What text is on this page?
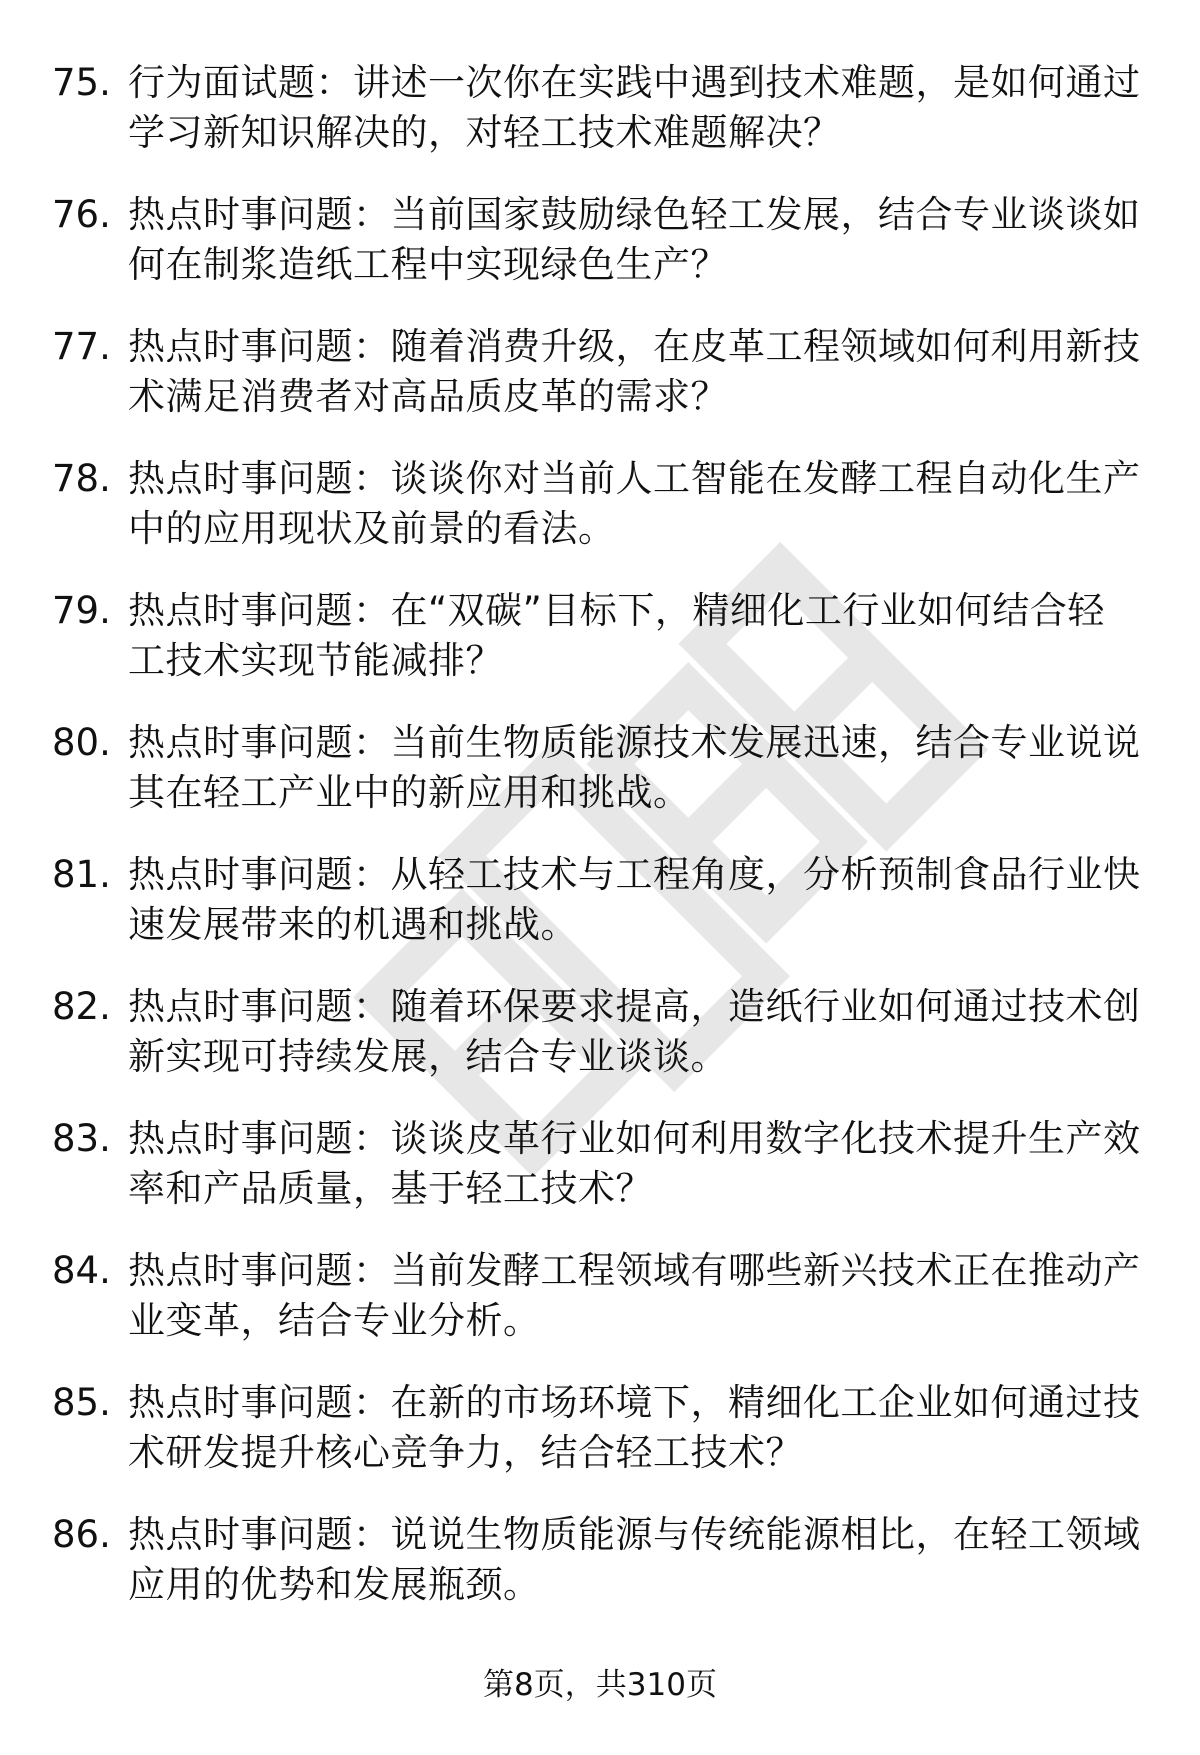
75. 行为面试题：讲述一次你在实践中遇到技术难题，是如何通过学习新知识解决的，对轻工技术难题解决？
76. 热点时事问题：当前国家鼓励绿色轻工发展，结合专业谈谈如何在制浆造纸工程中实现绿色生产？
77. 热点时事问题：随着消费升级，在皮革工程领域如何利用新技术满足消费者对高品质皮革的需求？
78. 热点时事问题：谈谈你对当前人工智能在发酵工程自动化生产中的应用现状及前景的看法。
79. 热点时事问题：在“双碳”目标下，精细化工行业如何结合轻工技术实现节能减排？
80. 热点时事问题：当前生物质能源技术发展迅速，结合专业说说其在轻工产业中的新应用和挑战。
81. 热点时事问题：从轻工技术与工程角度，分析预制食品行业快速发展带来的机遇和挑战。
82. 热点时事问题：随着环保要求提高，造纸行业如何通过技术创新实现可持续发展，结合专业谈谈。
83. 热点时事问题：谈谈皮革行业如何利用数字化技术提升生产效率和产品质量，基于轻工技术？
84. 热点时事问题：当前发酵工程领域有哪些新兴技术正在推动产业变革，结合专业分析。
85. 热点时事问题：在新的市场环境下，精细化工企业如何通过技术研发提升核心竞争力，结合轻工技术？
86. 热点时事问题：说说生物质能源与传统能源相比，在轻工领域应用的优势和发展瓶颈。
第8页，共310页
